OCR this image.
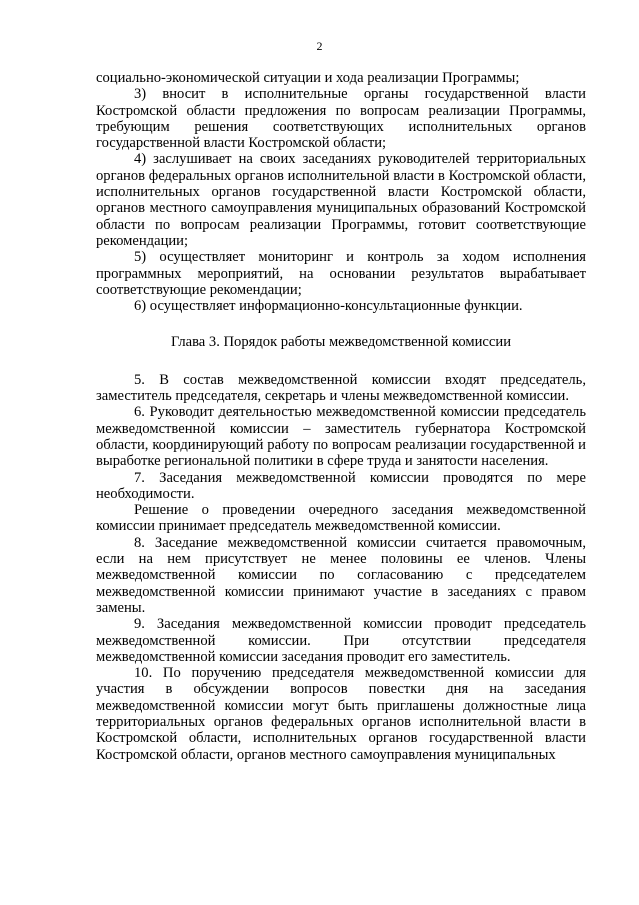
2

социально-экономической ситуации и хода реализации Программы;

3) вносит в исполнительные органы государственной власти Костромской области предложения по вопросам реализации Программы, требующим решения соответствующих исполнительных органов государственной власти Костромской области;

4) заслушивает на своих заседаниях руководителей территориальных органов федеральных органов исполнительной власти в Костромской области, исполнительных органов государственной власти Костромской области, органов местного самоуправления муниципальных образований Костромской области по вопросам реализации Программы, готовит соответствующие рекомендации;

5) осуществляет мониторинг и контроль за ходом исполнения программных мероприятий, на основании результатов вырабатывает соответствующие рекомендации;

6) осуществляет информационно-консультационные функции.

Глава 3. Порядок работы межведомственной комиссии

5. В состав межведомственной комиссии входят председатель, заместитель председателя, секретарь и члены межведомственной комиссии.

6. Руководит деятельностью межведомственной комиссии председатель межведомственной комиссии – заместитель губернатора Костромской области, координирующий работу по вопросам реализации государственной и выработке региональной политики в сфере труда и занятости населения.

7. Заседания межведомственной комиссии проводятся по мере необходимости.

Решение о проведении очередного заседания межведомственной комиссии принимает председатель межведомственной комиссии.

8. Заседание межведомственной комиссии считается правомочным, если на нем присутствует не менее половины ее членов. Члены межведомственной комиссии по согласованию с председателем межведомственной комиссии принимают участие в заседаниях с правом замены.

9. Заседания межведомственной комиссии проводит председатель межведомственной комиссии. При отсутствии председателя межведомственной комиссии заседания проводит его заместитель.

10. По поручению председателя межведомственной комиссии для участия в обсуждении вопросов повестки дня на заседания межведомственной комиссии могут быть приглашены должностные лица территориальных органов федеральных органов исполнительной власти в Костромской области, исполнительных органов государственной власти Костромской области, органов местного самоуправления муниципальных
